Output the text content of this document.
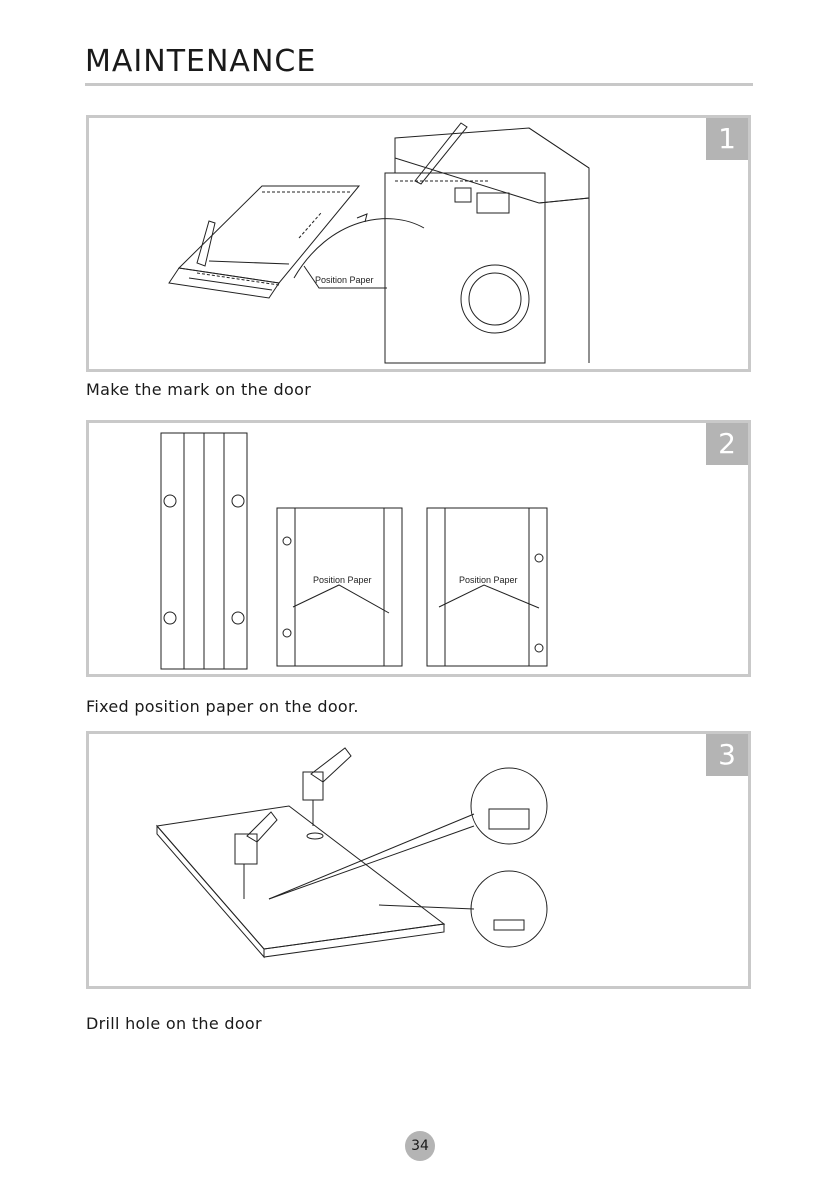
MAINTENANCE
Position Paper
1
Make the mark on the door
Position Paper	Position Paper
2
Fixed position paper on the door.
3
Drill hole on the door
34
